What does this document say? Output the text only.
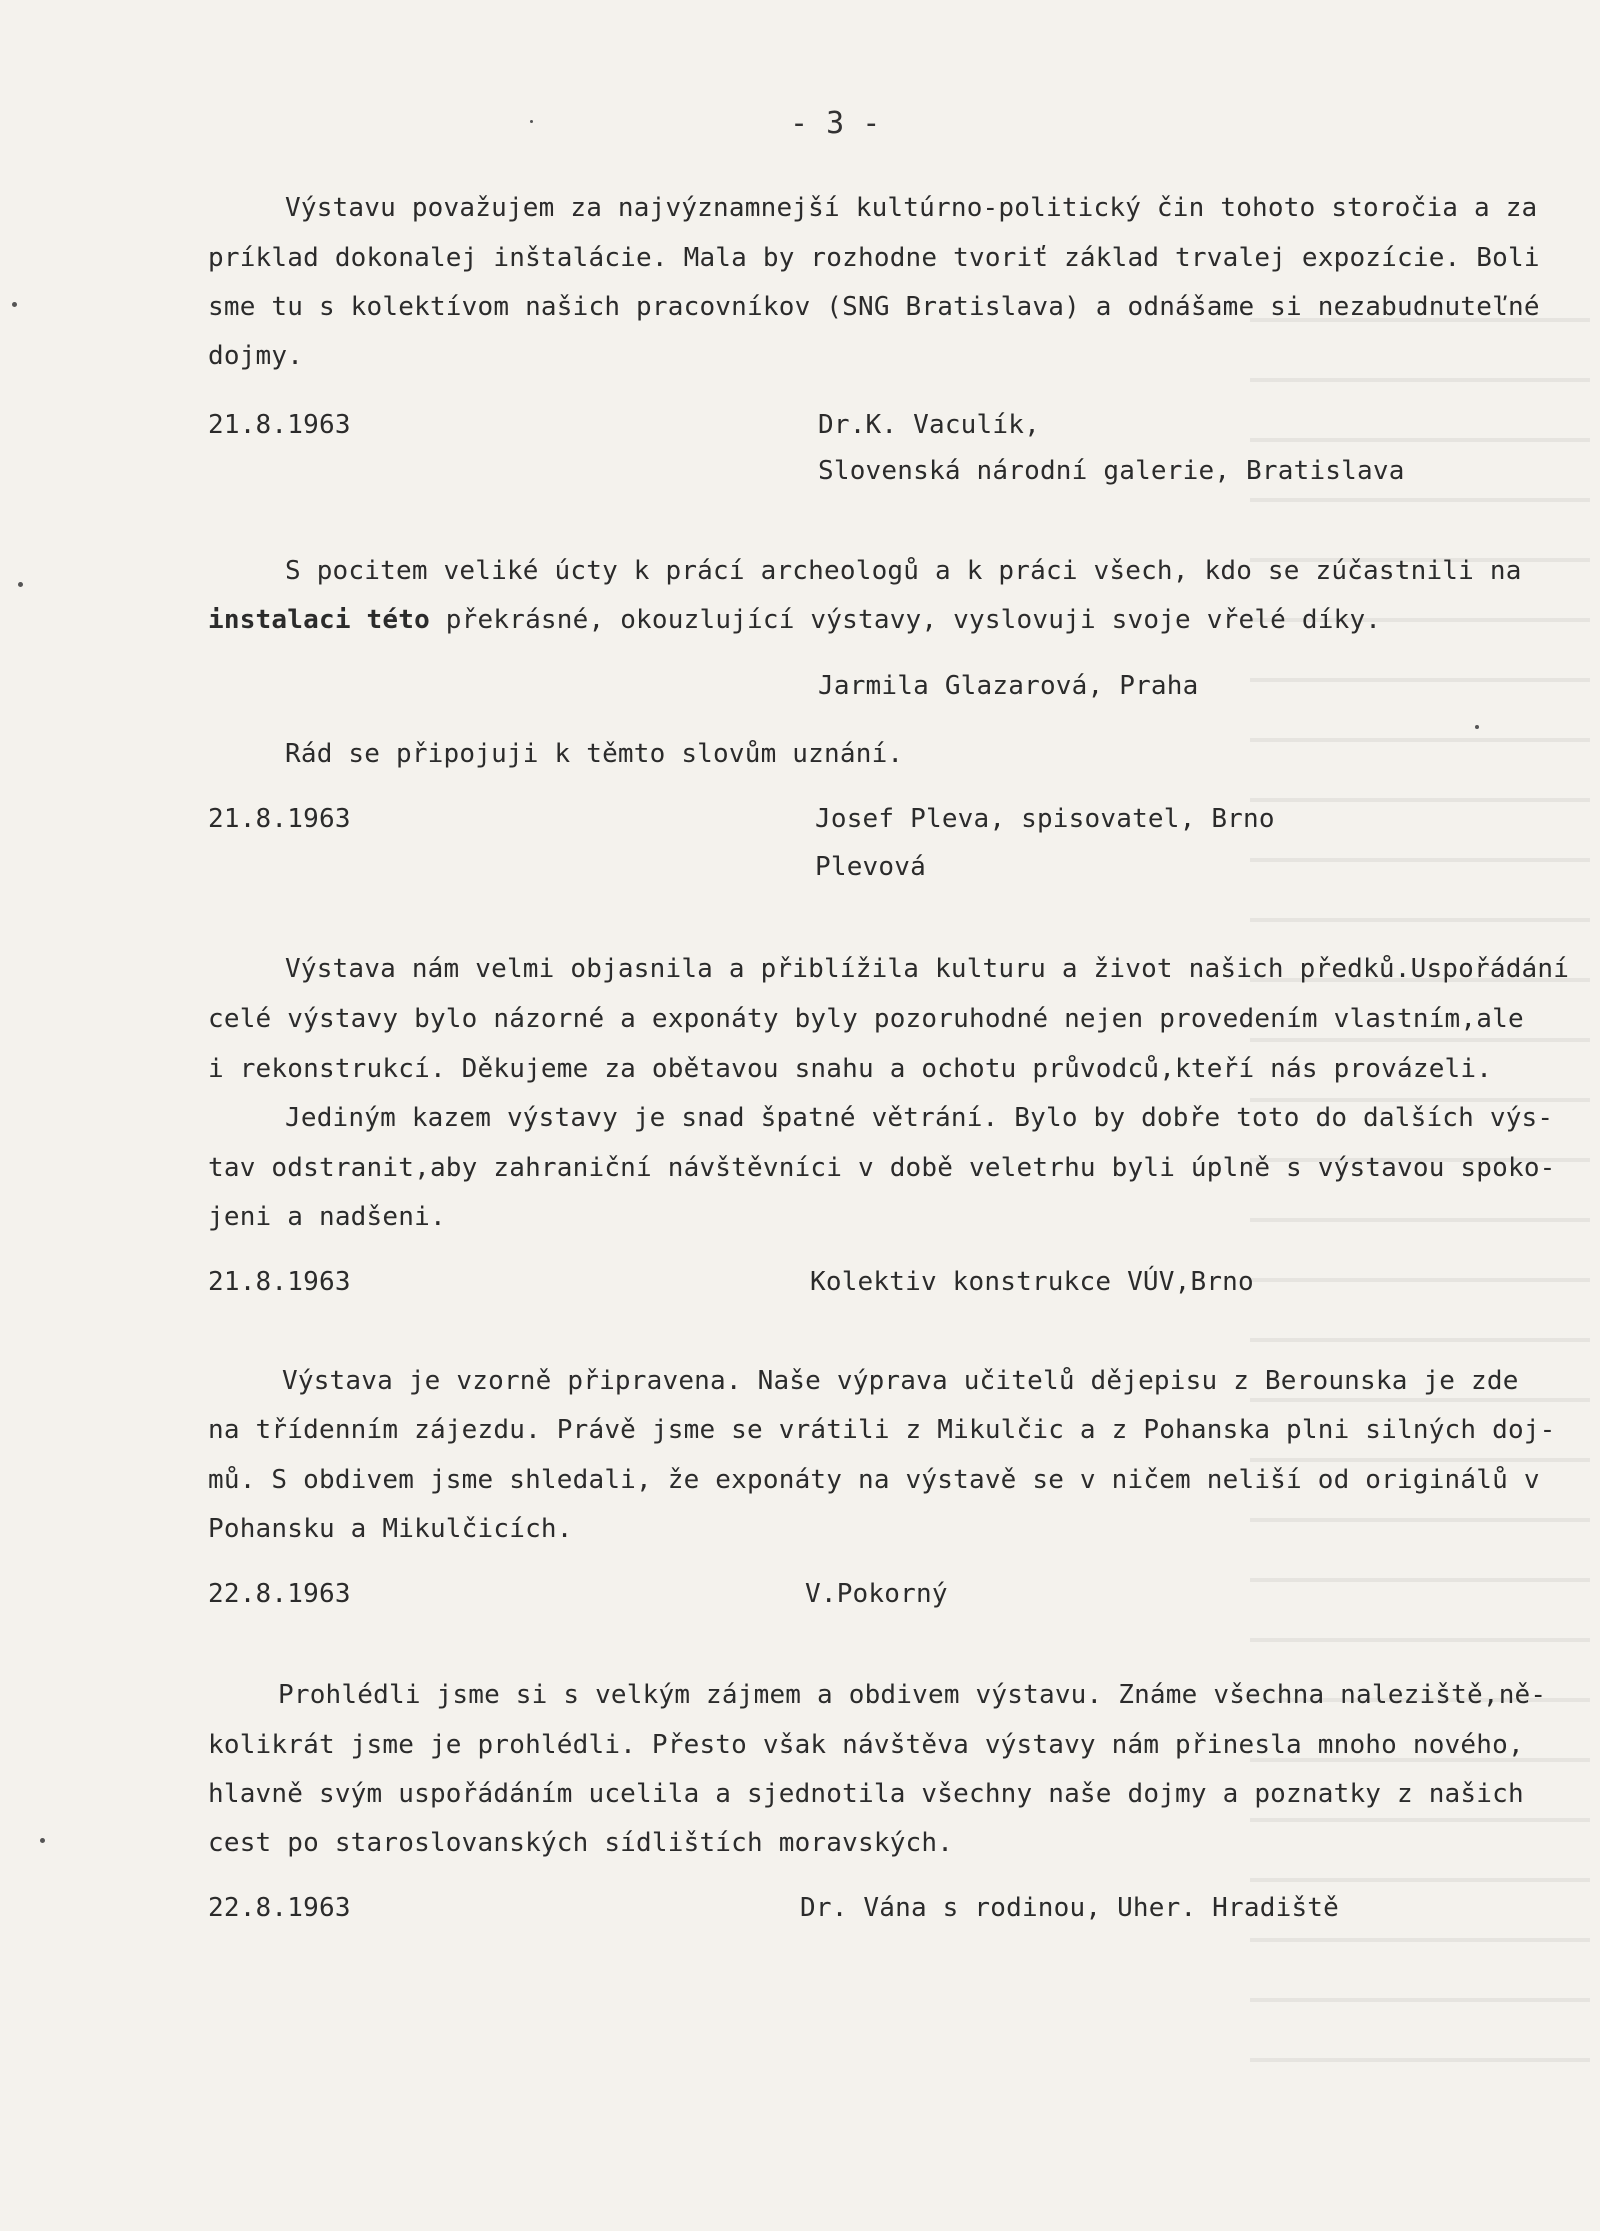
- 3 -
Výstavu považujem za najvýznamnejší kultúrno-politický čin tohoto storočia a za
príklad dokonalej inštalácie. Mala by rozhodne tvoriť základ trvalej expozície. Boli
sme tu s kolektívom našich pracovníkov (SNG Bratislava) a odnášame si nezabudnuteľné
dojmy.
21.8.1963	Dr.K. Vaculík,
Slovenská národní galerie, Bratislava
S pocitem veliké úcty k prácí archeologů a k práci všech, kdo se zúčastnili na
instalaci této překrásné, okouzlující výstavy, vyslovuji svoje vřelé díky.
Jarmila Glazarová, Praha
Rád se připojuji k těmto slovům uznání.
21.8.1963	Josef Pleva, spisovatel, Brno
Plevová
Výstava nám velmi objasnila a přiblížila kulturu a život našich předků.Uspořádání
celé výstavy bylo názorné a exponáty byly pozoruhodné nejen provedením vlastním,ale
i rekonstrukcí. Děkujeme za obětavou snahu a ochotu průvodců,kteří nás provázeli.
Jediným kazem výstavy je snad špatné větrání. Bylo by dobře toto do dalších výs-
tav odstranit,aby zahraniční návštěvníci v době veletrhu byli úplně s výstavou spoko-
jeni a nadšeni.
21.8.1963	Kolektiv konstrukce VÚV,Brno
Výstava je vzorně připravena. Naše výprava učitelů dějepisu z Berounska je zde
na třídenním zájezdu. Právě jsme se vrátili z Mikulčic a z Pohanska plni silných doj-
mů. S obdivem jsme shledali, že exponáty na výstavě se v ničem neliší od originálů v
Pohansku a Mikulčicích.
22.8.1963	V.Pokorný
Prohlédli jsme si s velkým zájmem a obdivem výstavu. Známe všechna naleziště,ně-
kolikrát jsme je prohlédli. Přesto však návštěva výstavy nám přinesla mnoho nového,
hlavně svým uspořádáním ucelila a sjednotila všechny naše dojmy a poznatky z našich
cest po staroslovanských sídlištích moravských.
22.8.1963	Dr. Vána s rodinou, Uher. Hradiště
